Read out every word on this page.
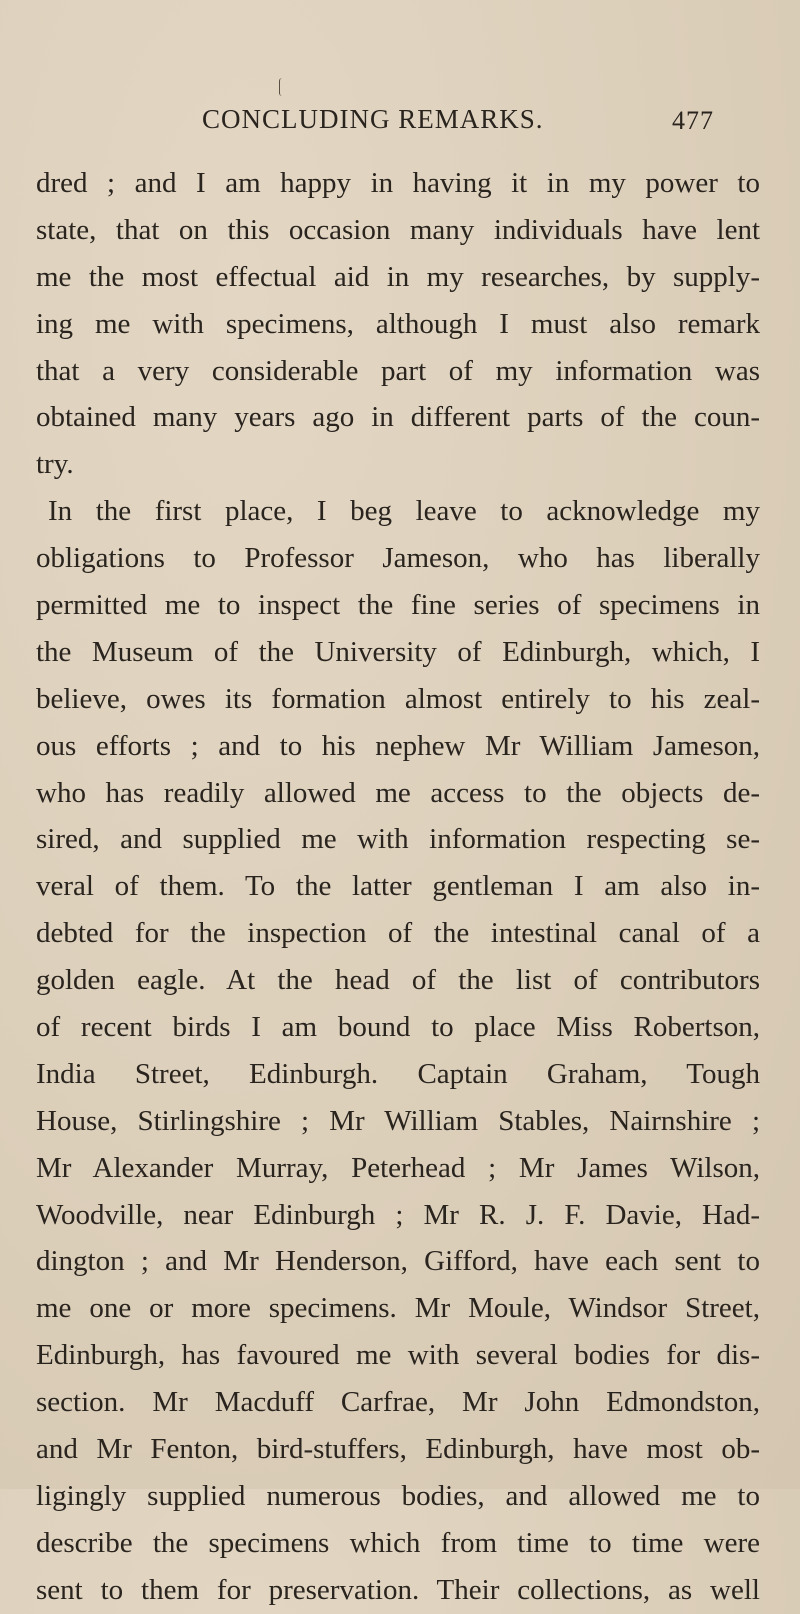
CONCLUDING REMARKS.	477
dred ; and I am happy in having it in my power to
state, that on this occasion many individuals have lent
me the most effectual aid in my researches, by supply-
ing me with specimens, although I must also remark
that a very considerable part of my information was
obtained many years ago in different parts of the coun-
try.
In the first place, I beg leave to acknowledge my
obligations to Professor Jameson, who has liberally
permitted me to inspect the fine series of specimens in
the Museum of the University of Edinburgh, which, I
believe, owes its formation almost entirely to his zeal-
ous efforts ; and to his nephew Mr William Jameson,
who has readily allowed me access to the objects de-
sired, and supplied me with information respecting se-
veral of them. To the latter gentleman I am also in-
debted for the inspection of the intestinal canal of a
golden eagle. At the head of the list of contributors
of recent birds I am bound to place Miss Robertson,
India Street, Edinburgh. Captain Graham, Tough
House, Stirlingshire ; Mr William Stables, Nairnshire ;
Mr Alexander Murray, Peterhead ; Mr James Wilson,
Woodville, near Edinburgh ; Mr R. J. F. Davie, Had-
dington ; and Mr Henderson, Gifford, have each sent to
me one or more specimens. Mr Moule, Windsor Street,
Edinburgh, has favoured me with several bodies for dis-
section. Mr Macduff Carfrae, Mr John Edmondston,
and Mr Fenton, bird-stuffers, Edinburgh, have most ob-
ligingly supplied numerous bodies, and allowed me to
describe the specimens which from time to time were
sent to them for preservation. Their collections, as well
